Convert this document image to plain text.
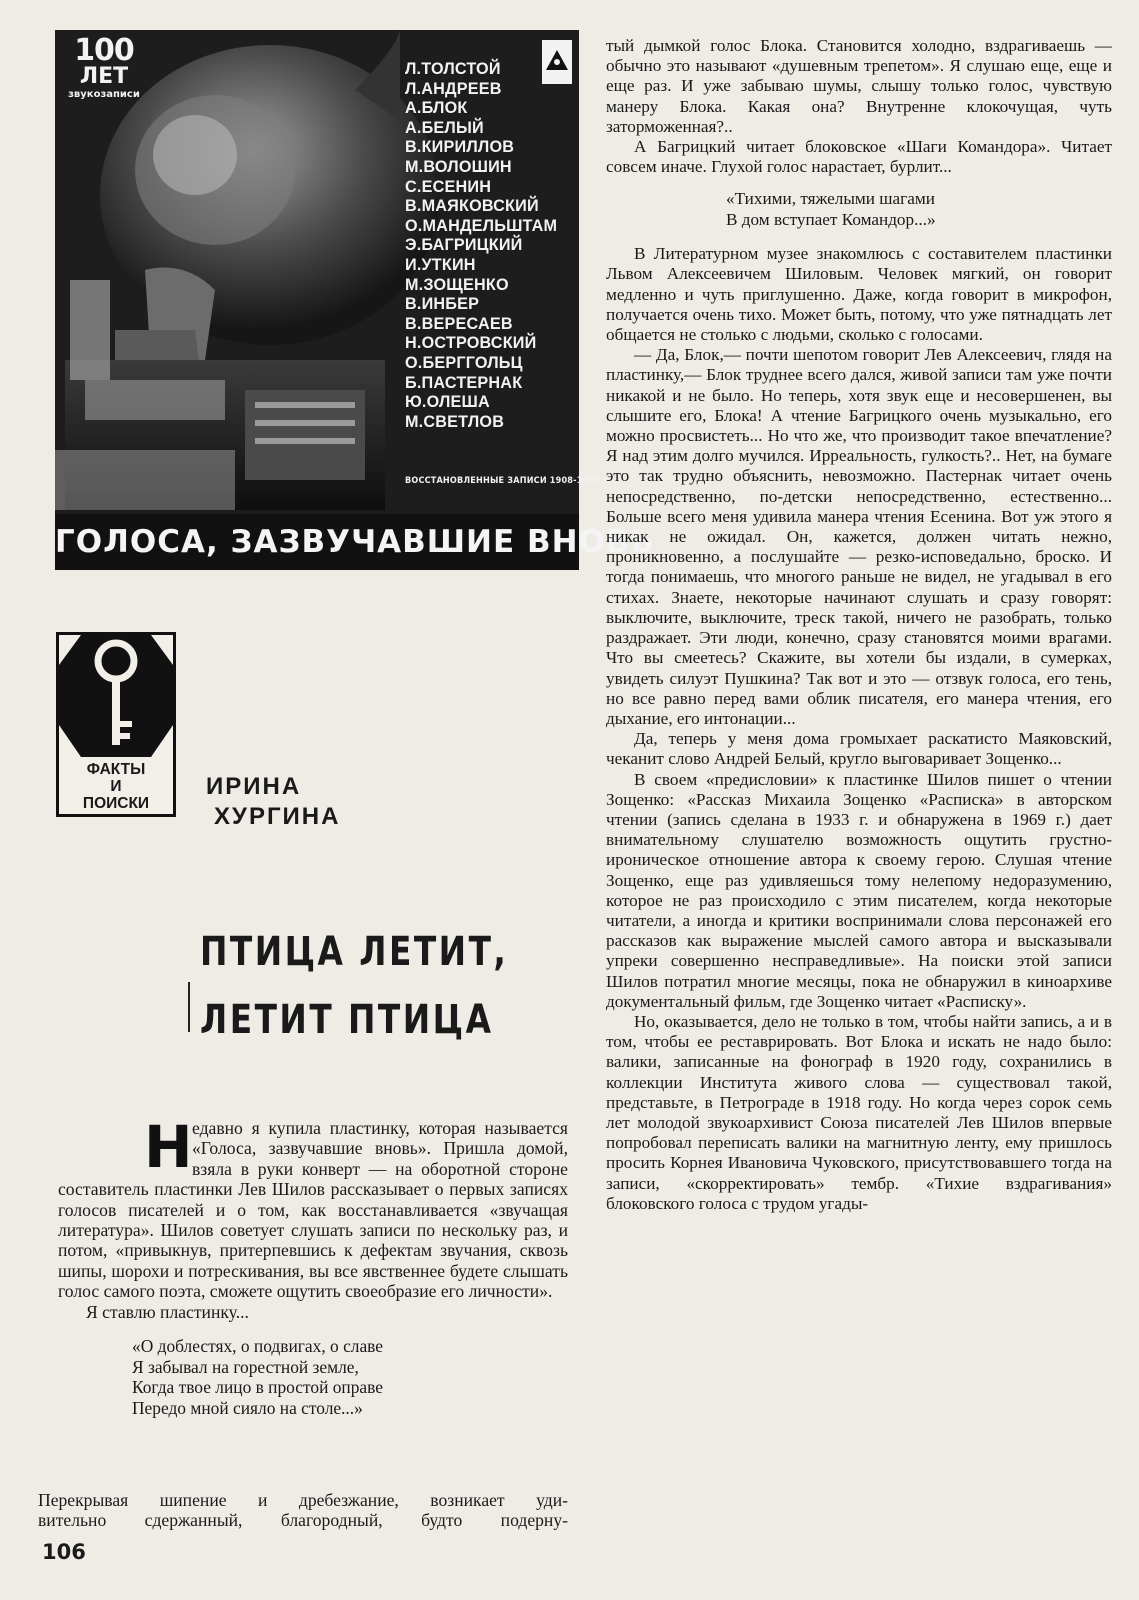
100
ЛЕТ
звукозаписи
Л.ТОЛСТОЙ
Л.АНДРЕЕВ
А.БЛОК
А.БЕЛЫЙ
В.КИРИЛЛОВ
М.ВОЛОШИН
С.ЕСЕНИН
В.МАЯКОВСКИЙ
О.МАНДЕЛЬШТАМ
Э.БАГРИЦКИЙ
И.УТКИН
М.ЗОЩЕНКО
В.ИНБЕР
В.ВЕРЕСАЕВ
Н.ОСТРОВСКИЙ
О.БЕРГГОЛЬЦ
Б.ПАСТЕРНАК
Ю.ОЛЕША
М.СВЕТЛОВ
ВОССТАНОВЛЕННЫЕ ЗАПИСИ 1908-1959 гг.
ГОЛОСА, ЗАЗВУЧАВШИЕ ВНОВЬ
ФАКТЫ
И
ПОИСКИ
ИРИНА
ХУРГИНА
ПТИЦА ЛЕТИТ,
ЛЕТИТ ПТИЦА
Н едавно я купила пластинку, которая называется «Голоса, зазвучавшие вновь». Пришла домой, взяла в руки конверт — на оборотной стороне составитель пластинки Лев Шилов рассказывает о первых записях голосов писателей и о том, как восстанавливается «звучащая литература». Шилов советует слушать записи по нескольку раз, и потом, «привыкнув, притерпевшись к дефектам звучания, сквозь шипы, шорохи и потрескивания, вы все явственнее будете слышать голос самого поэта, сможете ощутить своеобразие его личности».

Я ставлю пластинку...

«О доблестях, о подвигах, о славе
Я забывал на горестной земле,
Когда твое лицо в простой оправе
Передо мной сияло на столе...»
Перекрывая шипение и дребезжание, возникает уди-
вительно сдержанный, благородный, будто подерну-

тый дымкой голос Блока. Становится холодно, вздрагиваешь — обычно это называют «душевным трепетом». Я слушаю еще, еще и еще раз. И уже забываю шумы, слышу только голос, чувствую манеру Блока. Какая она? Внутренне клокочущая, чуть заторможенная?..

А Багрицкий читает блоковское «Шаги Командора». Читает совсем иначе. Глухой голос нарастает, бурлит...

«Тихими, тяжелыми шагами
В дом вступает Командор...»

В Литературном музее знакомлюсь с составителем пластинки Львом Алексеевичем Шиловым. Человек мягкий, он говорит медленно и чуть приглушенно. Даже, когда говорит в микрофон, получается очень тихо. Может быть, потому, что уже пятнадцать лет общается не столько с людьми, сколько с голосами.

— Да, Блок,— почти шепотом говорит Лев Алексеевич, глядя на пластинку,— Блок труднее всего дался, живой записи там уже почти никакой и не было. Но теперь, хотя звук еще и несовершенен, вы слышите его, Блока! А чтение Багрицкого очень музыкально, его можно просвистеть... Но что же, что производит такое впечатление? Я над этим долго мучился. Ирреальность, гулкость?.. Нет, на бумаге это так трудно объяснить, невозможно. Пастернак читает очень непосредственно, по-детски непосредственно, естественно... Больше всего меня удивила манера чтения Есенина. Вот уж этого я никак не ожидал. Он, кажется, должен читать нежно, проникновенно, а послушайте — резко-исповедально, броско. И тогда понимаешь, что многого раньше не видел, не угадывал в его стихах. Знаете, некоторые начинают слушать и сразу говорят: выключите, выключите, треск такой, ничего не разобрать, только раздражает. Эти люди, конечно, сразу становятся моими врагами. Что вы смеетесь? Скажите, вы хотели бы издали, в сумерках, увидеть силуэт Пушкина? Так вот и это — отзвук голоса, его тень, но все равно перед вами облик писателя, его манера чтения, его дыхание, его интонации...

Да, теперь у меня дома громыхает раскатисто Маяковский, чеканит слово Андрей Белый, кругло выговаривает Зощенко...

В своем «предисловии» к пластинке Шилов пишет о чтении Зощенко: «Рассказ Михаила Зощенко «Расписка» в авторском чтении (запись сделана в 1933 г. и обнаружена в 1969 г.) дает внимательному слушателю возможность ощутить грустно-ироническое отношение автора к своему герою. Слушая чтение Зощенко, еще раз удивляешься тому нелепому недоразумению, которое не раз происходило с этим писателем, когда некоторые читатели, а иногда и критики воспринимали слова персонажей его рассказов как выражение мыслей самого автора и высказывали упреки совершенно несправедливые». На поиски этой записи Шилов потратил многие месяцы, пока не обнаружил в киноархиве документальный фильм, где Зощенко читает «Расписку».

Но, оказывается, дело не только в том, чтобы найти запись, а и в том, чтобы ее реставрировать. Вот Блока и искать не надо было: валики, записанные на фонограф в 1920 году, сохранились в коллекции Института живого слова — существовал такой, представьте, в Петрограде в 1918 году. Но когда через сорок семь лет молодой звукоархивист Союза писателей Лев Шилов впервые попробовал переписать валики на магнитную ленту, ему пришлось просить Корнея Ивановича Чуковского, присутствовавшего тогда на записи, «скорректировать» тембр. «Тихие вздрагивания» блоковского голоса с трудом угады-

106
